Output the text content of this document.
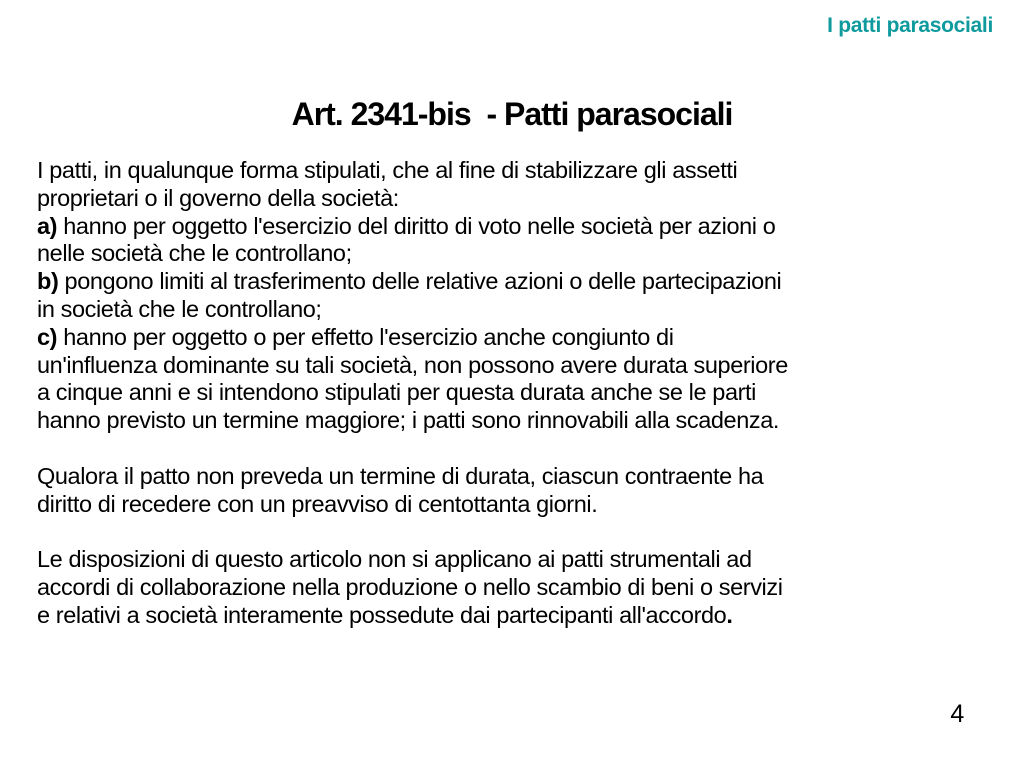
I patti parasociali
Art. 2341-bis  - Patti parasociali
I patti, in qualunque forma stipulati, che al fine di stabilizzare gli assetti
proprietari o il governo della società:
a) hanno per oggetto l'esercizio del diritto di voto nelle società per azioni o
nelle società che le controllano;
b) pongono limiti al trasferimento delle relative azioni o delle partecipazioni
in società che le controllano;
c) hanno per oggetto o per effetto l'esercizio anche congiunto di
un'influenza dominante su tali società, non possono avere durata superiore
a cinque anni e si intendono stipulati per questa durata anche se le parti
hanno previsto un termine maggiore; i patti sono rinnovabili alla scadenza.
Qualora il patto non preveda un termine di durata, ciascun contraente ha
diritto di recedere con un preavviso di centottanta giorni.
Le disposizioni di questo articolo non si applicano ai patti strumentali ad
accordi di collaborazione nella produzione o nello scambio di beni o servizi
e relativi a società interamente possedute dai partecipanti all'accordo.
4
